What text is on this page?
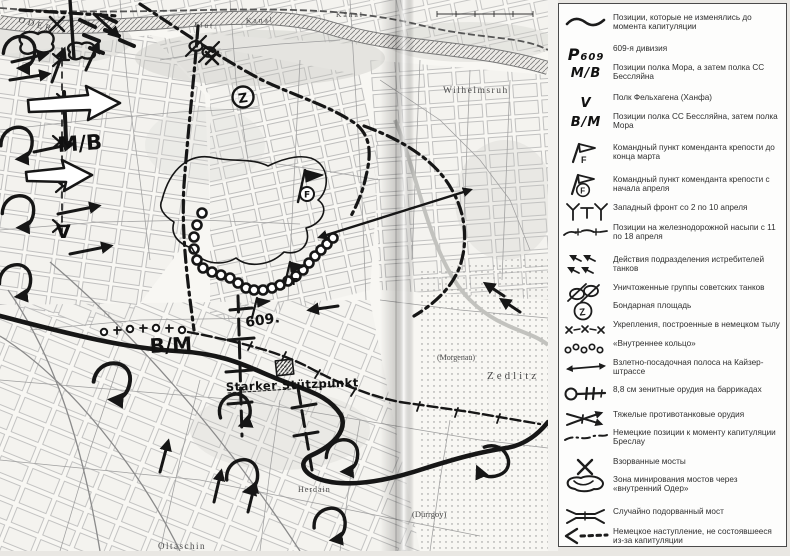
F
F
Z
M/B
V
B/M
609.
Starker Stützpunkt
ODER	Flut.
Kanal
Kanal
Wilhelmsruh
(Morgenau)
Zedlitz
Herdain
(Dürrgoy)
Oltaschin
Позиции, которые не изменялись до момента капитуляции
Р609
609-я дивизия
M/B Позиции полка Мора, а затем полка СС Бессляйна
V	Полк Фельхагена (Ханфа)
B/M Позиции полка СС Бессляйна, затем полка Мора
F
Командный пункт коменданта крепости до конца марта
F
Командный пункт коменданта крепости с начала апреля
Западный фронт со 2 по 10 апреля
Позиции на железнодорожной насыпи с 11 по 18 апреля
Действия подразделения истребителей танков
Уничтоженные группы советских танков
Z
Бондарная площадь
Укрепления, построенные в немецком тылу
«Внутреннее кольцо»
Взлетно-посадочная полоса на Кайзер-штрассе
8,8 см зенитные орудия на баррикадах
Тяжелые противотанковые орудия
Немецкие позиции к моменту капитуляции Бреслау
Взорванные мосты
Зона минирования мостов через «внутренний Одер»
Случайно подорванный мост
Немецкое наступление, не состоявшееся из-за капитуляции
